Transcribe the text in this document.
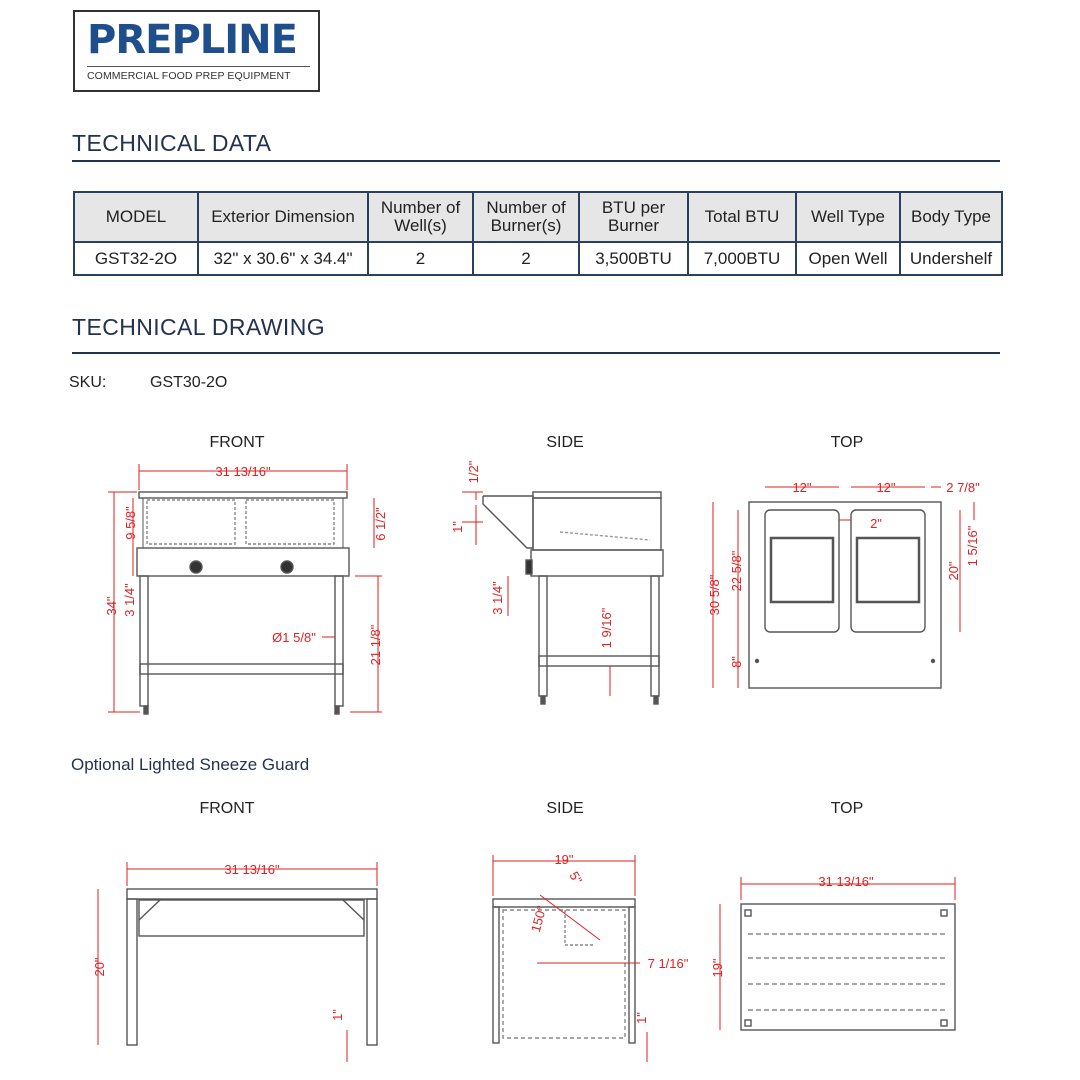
PREPLINE
COMMERCIAL FOOD PREP EQUIPMENT
TECHNICAL DATA
MODEL	Exterior Dimension	Number of Well(s)	Number of Burner(s)	BTU per Burner	Total BTU	Well Type	Body Type
GST32-2O	32" x 30.6" x 34.4"	2	2	3,500BTU	7,000BTU	Open Well	Undershelf
TECHNICAL DRAWING
SKU:	GST30-2O
FRONT	SIDE	TOP
Optional Lighted Sneeze Guard
FRONT	SIDE	TOP
31 13/16"
34"
9 5/8"
3 1/4"
6 1/2"
21 1/8"
Ø1 5/8"
1/2"
1"
3 1/4"
1 9/16"
12"	12"	2 7/8"
2"
30 5/8"
22 5/8"
8"
20"
1 5/16"
31 13/16"
20"
1"
19"
5"
150°
7 1/16"
1"
31 13/16"
19"
